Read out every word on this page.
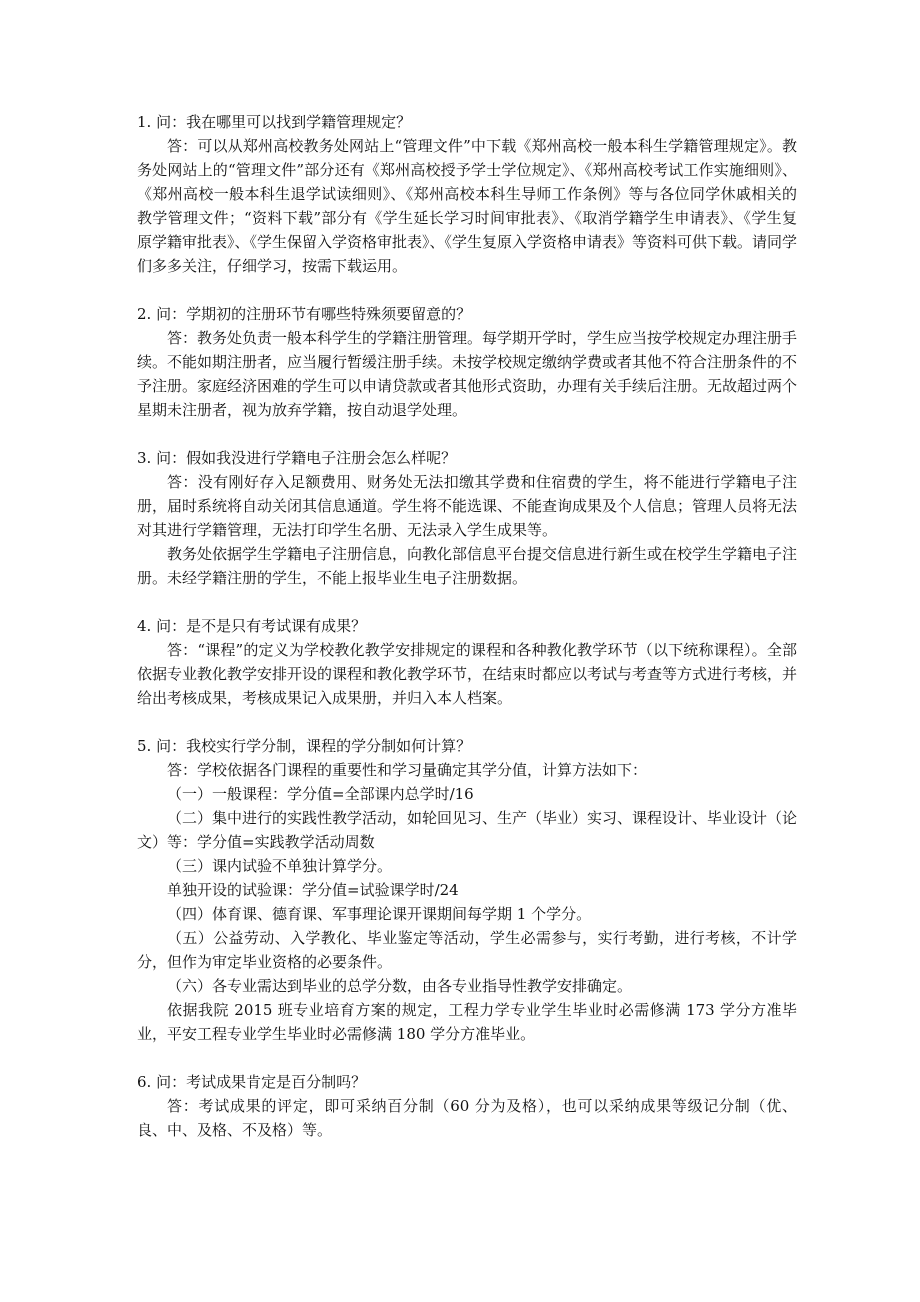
1. 问：我在哪里可以找到学籍管理规定？

答：可以从郑州高校教务处网站上“管理文件”中下载《郑州高校一般本科生学籍管理规定》。教务处网站上的“管理文件”部分还有《郑州高校授予学士学位规定》、《郑州高校考试工作实施细则》、《郑州高校一般本科生退学试读细则》、《郑州高校本科生导师工作条例》等与各位同学休戚相关的教学管理文件；“资料下载”部分有《学生延长学习时间审批表》、《取消学籍学生申请表》、《学生复原学籍审批表》、《学生保留入学资格审批表》、《学生复原入学资格申请表》等资料可供下载。请同学们多多关注，仔细学习，按需下载运用。

2. 问：学期初的注册环节有哪些特殊须要留意的？

答：教务处负责一般本科学生的学籍注册管理。每学期开学时，学生应当按学校规定办理注册手续。不能如期注册者，应当履行暂缓注册手续。未按学校规定缴纳学费或者其他不符合注册条件的不予注册。家庭经济困难的学生可以申请贷款或者其他形式资助，办理有关手续后注册。无故超过两个星期未注册者，视为放弃学籍，按自动退学处理。

3. 问：假如我没进行学籍电子注册会怎么样呢？

答：没有刚好存入足额费用、财务处无法扣缴其学费和住宿费的学生，将不能进行学籍电子注册，届时系统将自动关闭其信息通道。学生将不能选课、不能查询成果及个人信息；管理人员将无法对其进行学籍管理，无法打印学生名册、无法录入学生成果等。

教务处依据学生学籍电子注册信息，向教化部信息平台提交信息进行新生或在校学生学籍电子注册。未经学籍注册的学生，不能上报毕业生电子注册数据。

4. 问：是不是只有考试课有成果？

答：“课程”的定义为学校教化教学安排规定的课程和各种教化教学环节（以下统称课程）。全部依据专业教化教学安排开设的课程和教化教学环节，在结束时都应以考试与考查等方式进行考核，并给出考核成果，考核成果记入成果册，并归入本人档案。

5. 问：我校实行学分制，课程的学分制如何计算？

答：学校依据各门课程的重要性和学习量确定其学分值，计算方法如下：

（一）一般课程：学分值=全部课内总学时/16

（二）集中进行的实践性教学活动，如轮回见习、生产（毕业）实习、课程设计、毕业设计（论文）等：学分值=实践教学活动周数

（三）课内试验不单独计算学分。

单独开设的试验课：学分值=试验课学时/24

（四）体育课、德育课、军事理论课开课期间每学期 1 个学分。

（五）公益劳动、入学教化、毕业鉴定等活动，学生必需参与，实行考勤，进行考核，不计学分，但作为审定毕业资格的必要条件。

（六）各专业需达到毕业的总学分数，由各专业指导性教学安排确定。

依据我院 2015 班专业培育方案的规定，工程力学专业学生毕业时必需修满 173 学分方准毕业，平安工程专业学生毕业时必需修满 180 学分方准毕业。

6. 问：考试成果肯定是百分制吗？

答：考试成果的评定，即可采纳百分制（60 分为及格），也可以采纳成果等级记分制（优、良、中、及格、不及格）等。
